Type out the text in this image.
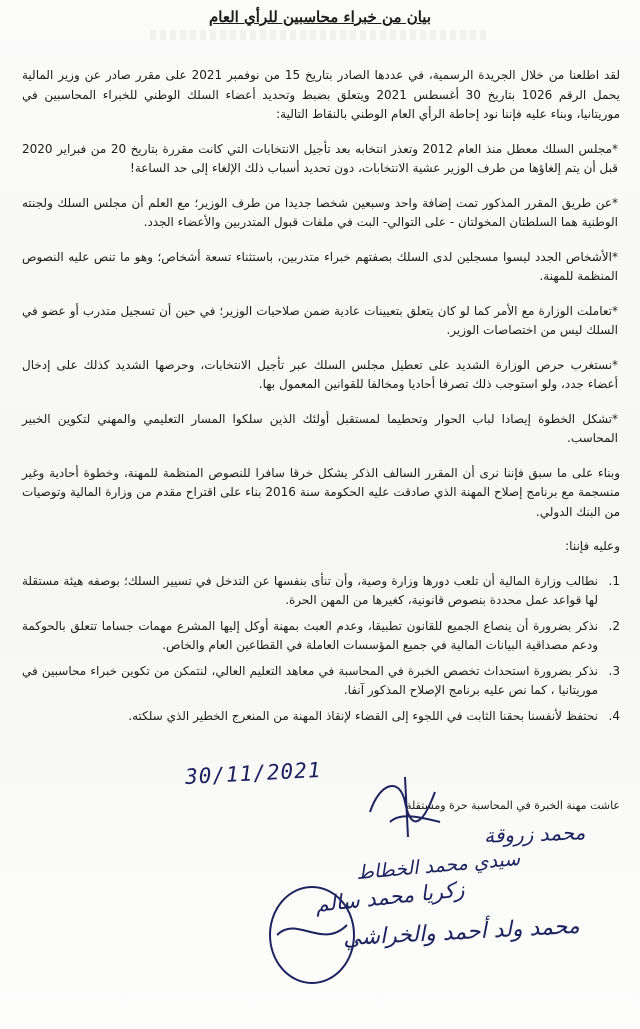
بيان من خبراء محاسبين للرأي العام

لقد اطلعنا من خلال الجريدة الرسمية، في عددها الصادر بتاريخ 15 من نوفمبر 2021 على مقرر صادر عن وزير المالية يحمل الرقم 1026 بتاريخ 30 أغسطس 2021 ويتعلق بضبط وتحديد أعضاء السلك الوطني للخبراء المحاسبين في موريتانيا، وبناء عليه فإننا نود إحاطة الرأي العام الوطني بالنقاط التالية:

* مجلس السلك معطل منذ العام 2012 وتعذر انتخابه بعد تأجيل الانتخابات التي كانت مقررة بتاريخ 20 من فبراير 2020 قبل أن يتم إلغاؤها من طرف الوزير عشية الانتخابات، دون تحديد أسباب ذلك الإلغاء إلى حد الساعة!

* عن طريق المقرر المذكور تمت إضافة واحد وسبعين شخصا جديدا من طرف الوزير؛ مع العلم أن مجلس السلك ولجنته الوطنية هما السلطتان المخولتان - على التوالي- البت في ملفات قبول المتدربين والأعضاء الجدد.

* الأشخاص الجدد ليسوا مسجلين لدى السلك بصفتهم خبراء متدربين، باستثناء تسعة أشخاص؛ وهو ما تنص عليه النصوص المنظمة للمهنة.

* تعاملت الوزارة مع الأمر كما لو كان يتعلق بتعيينات عادية ضمن صلاحيات الوزير؛ في حين أن تسجيل متدرب أو عضو في السلك ليس من اختصاصات الوزير.

* نستغرب حرص الوزارة الشديد على تعطيل مجلس السلك عبر تأجيل الانتخابات، وحرصها الشديد كذلك على إدخال أعضاء جدد، ولو استوجب ذلك تصرفا أحاديا ومخالفا للقوانين المعمول بها.

* تشكل الخطوة إيصادا لباب الحوار وتحطيما لمستقبل أولئك الذين سلكوا المسار التعليمي والمهني لتكوين الخبير المحاسب.

وبناء على ما سبق فإننا نرى أن المقرر السالف الذكر يشكل خرقا سافرا للنصوص المنظمة للمهنة، وخطوة أحادية وغير منسجمة مع برنامج إصلاح المهنة الذي صادقت عليه الحكومة سنة 2016 بناء على اقتراح مقدم من وزارة المالية وتوصيات من البنك الدولي.

وعليه فإننا:

1.
نطالب وزارة المالية أن تلعب دورها وزارة وصية، وأن تنأى بنفسها عن التدخل في تسيير السلك؛ بوصفه هيئة مستقلة لها قواعد عمل محددة بنصوص قانونية، كغيرها من المهن الحرة.
2.
نذكر بضرورة أن ينصاع الجميع للقانون تطبيقا، وعدم العبث بمهنة أوكل إليها المشرع مهمات جساما تتعلق بالحوكمة ودعم مصداقية البيانات المالية في جميع المؤسسات العاملة في القطاعين العام والخاص.
3.
نذكر بضرورة استحداث تخصص الخبرة في المحاسبة في معاهد التعليم العالي، لنتمكن من تكوين خبراء محاسبين في موريتانيا ، كما نص عليه برنامج الإصلاح المذكور آنفا.
4.
نحتفظ لأنفسنا بحقنا الثابت في اللجوء إلى القضاء لإنقاذ المهنة من المنعرج الخطير الذي سلكته.
30/11/2021
عاشت مهنة الخبرة في المحاسبة حرة ومستقلة
محمد زروقة
سيدي محمد الخطاط
زكريا محمد سالم
محمد ولد أحمد والخراشي
